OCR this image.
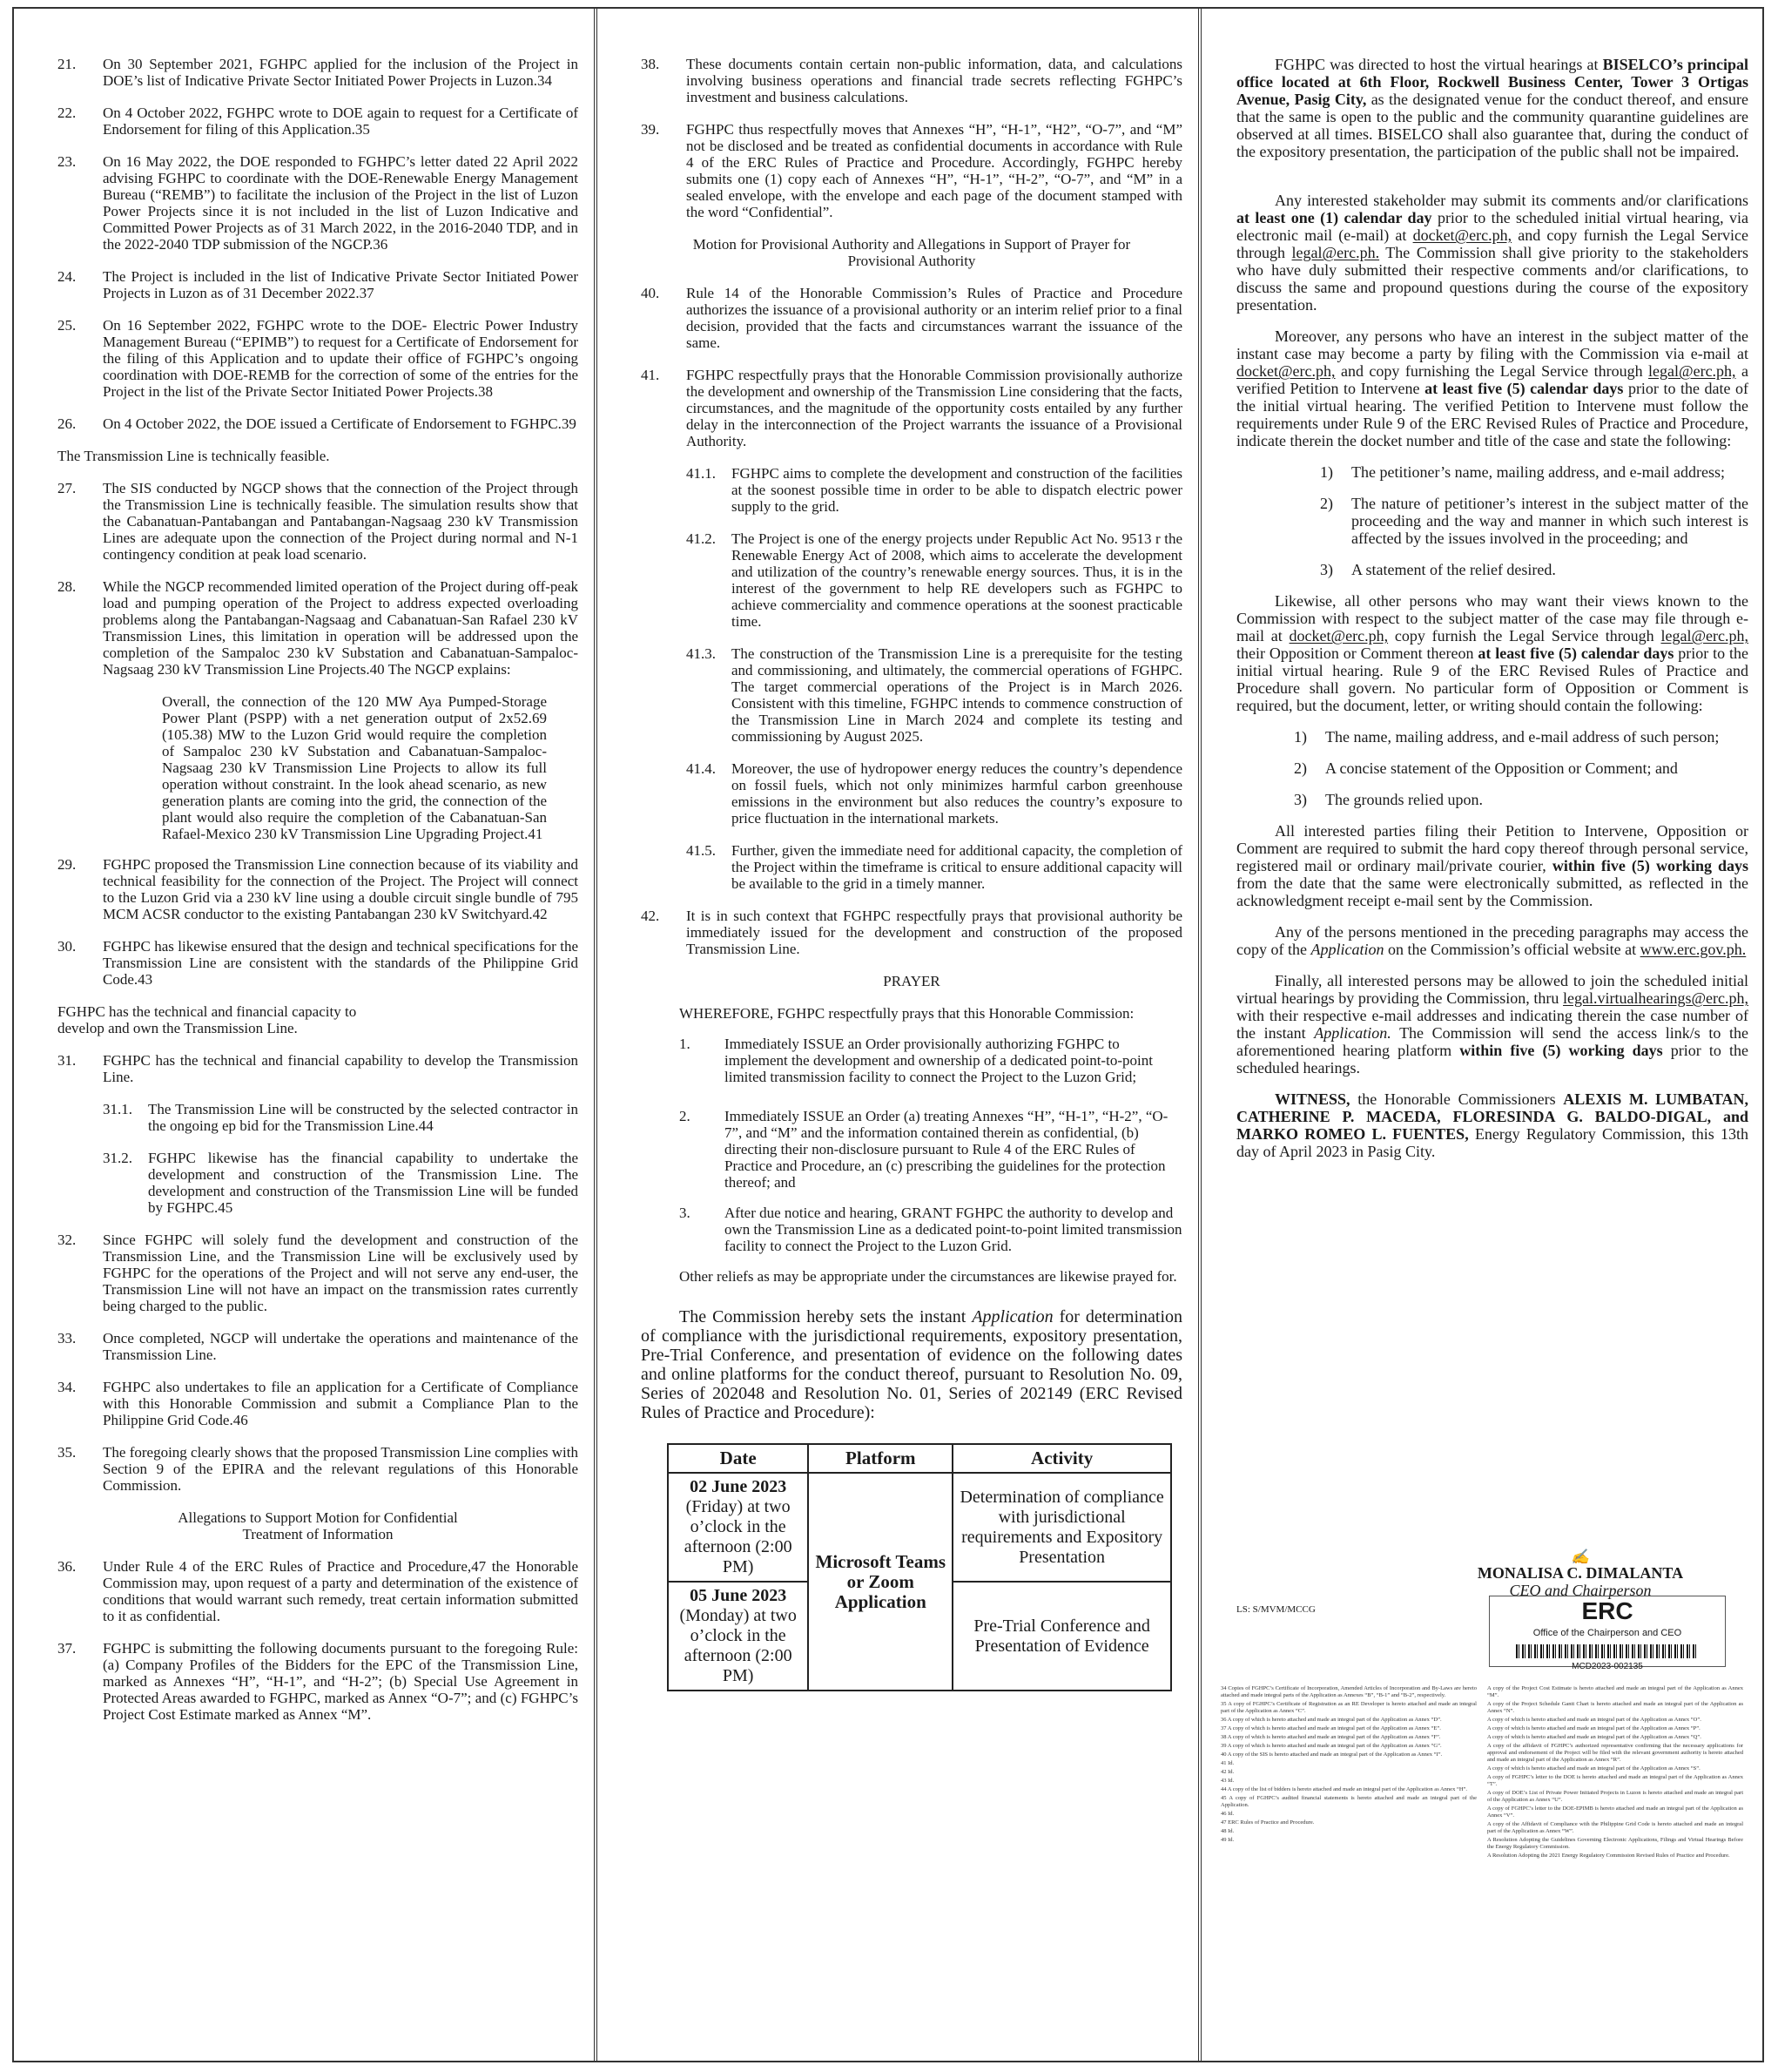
21.	On 30 September 2021, FGHPC applied for the inclusion of the Project in DOE’s list of Indicative Private Sector Initiated Power Projects in Luzon.34
22.	On 4 October 2022, FGHPC wrote to DOE again to request for a Certificate of Endorsement for filing of this Application.35
23.	On 16 May 2022, the DOE responded to FGHPC’s letter dated 22 April 2022 advising FGHPC to coordinate with the DOE-Renewable Energy Management Bureau (“REMB”) to facilitate the inclusion of the Project in the list of Luzon Power Projects since it is not included in the list of Luzon Indicative and Committed Power Projects as of 31 March 2022, in the 2016-2040 TDP, and in the 2022-2040 TDP submission of the NGCP.36
24.	The Project is included in the list of Indicative Private Sector Initiated Power Projects in Luzon as of 31 December 2022.37
25.	On 16 September 2022, FGHPC wrote to the DOE- Electric Power Industry Management Bureau (“EPIMB”) to request for a Certificate of Endorsement for the filing of this Application and to update their office of FGHPC’s ongoing coordination with DOE-REMB for the correction of some of the entries for the Project in the list of the Private Sector Initiated Power Projects.38
26.	On 4 October 2022, the DOE issued a Certificate of Endorsement to FGHPC.39
The Transmission Line is technically feasible.
27.	The SIS conducted by NGCP shows that the connection of the Project through the Transmission Line is technically feasible. The simulation results show that the Cabanatuan-Pantabangan and Pantabangan-Nagsaag 230 kV Transmission Lines are adequate upon the connection of the Project during normal and N-1 contingency condition at peak load scenario.
28.	While the NGCP recommended limited operation of the Project during off-peak load and pumping operation of the Project to address expected overloading problems along the Pantabangan-Nagsaag and Cabanatuan-San Rafael 230 kV Transmission Lines, this limitation in operation will be addressed upon the completion of the Sampaloc 230 kV Substation and Cabanatuan-Sampaloc-Nagsaag 230 kV Transmission Line Projects.40 The NGCP explains:
Overall, the connection of the 120 MW Aya Pumped-Storage Power Plant (PSPP) with a net generation output of 2x52.69 (105.38) MW to the Luzon Grid would require the completion of Sampaloc 230 kV Substation and Cabanatuan-Sampaloc-Nagsaag 230 kV Transmission Line Projects to allow its full operation without constraint. In the look ahead scenario, as new generation plants are coming into the grid, the connection of the plant would also require the completion of the Cabanatuan-San Rafael-Mexico 230 kV Transmission Line Upgrading Project.41
29.	FGHPC proposed the Transmission Line connection because of its viability and technical feasibility for the connection of the Project. The Project will connect to the Luzon Grid via a 230 kV line using a double circuit single bundle of 795 MCM ACSR conductor to the existing Pantabangan 230 kV Switchyard.42
30.	FGHPC has likewise ensured that the design and technical specifications for the Transmission Line are consistent with the standards of the Philippine Grid Code.43
FGHPC has the technical and financial capacity to develop and own the Transmission Line.
31.	FGHPC has the technical and financial capability to develop the Transmission Line.
31.1.	The Transmission Line will be constructed by the selected contractor in the ongoing ep bid for the Transmission Line.44
31.2.	FGHPC likewise has the financial capability to undertake the development and construction of the Transmission Line. The development and construction of the Transmission Line will be funded by FGHPC.45
32.	Since FGHPC will solely fund the development and construction of the Transmission Line, and the Transmission Line will be exclusively used by FGHPC for the operations of the Project and will not serve any end-user, the Transmission Line will not have an impact on the transmission rates currently being charged to the public.
33.	Once completed, NGCP will undertake the operations and maintenance of the Transmission Line.
34.	FGHPC also undertakes to file an application for a Certificate of Compliance with this Honorable Commission and submit a Compliance Plan to the Philippine Grid Code.46
35.	The foregoing clearly shows that the proposed Transmission Line complies with Section 9 of the EPIRA and the relevant regulations of this Honorable Commission.
Allegations to Support Motion for Confidential Treatment of Information
36.	Under Rule 4 of the ERC Rules of Practice and Procedure,47 the Honorable Commission may, upon request of a party and determination of the existence of conditions that would warrant such remedy, treat certain information submitted to it as confidential.
37.	FGHPC is submitting the following documents pursuant to the foregoing Rule: (a) Company Profiles of the Bidders for the EPC of the Transmission Line, marked as Annexes “H”, “H-1”, and “H-2”; (b) Special Use Agreement in Protected Areas awarded to FGHPC, marked as Annex “O-7”; and (c) FGHPC’s Project Cost Estimate marked as Annex “M”.
38.	These documents contain certain non-public information, data, and calculations involving business operations and financial trade secrets reflecting FGHPC’s investment and business calculations.
39.	FGHPC thus respectfully moves that Annexes “H”, “H-1”, “H2”, “O-7”, and “M” not be disclosed and be treated as confidential documents in accordance with Rule 4 of the ERC Rules of Practice and Procedure. Accordingly, FGHPC hereby submits one (1) copy each of Annexes “H”, “H-1”, “H-2”, “O-7”, and “M” in a sealed envelope, with the envelope and each page of the document stamped with the word “Confidential”.
Motion for Provisional Authority and Allegations in Support of Prayer for Provisional Authority
40.	Rule 14 of the Honorable Commission’s Rules of Practice and Procedure authorizes the issuance of a provisional authority or an interim relief prior to a final decision, provided that the facts and circumstances warrant the issuance of the same.
41.	FGHPC respectfully prays that the Honorable Commission provisionally authorize the development and ownership of the Transmission Line considering that the facts, circumstances, and the magnitude of the opportunity costs entailed by any further delay in the interconnection of the Project warrants the issuance of a Provisional Authority.
41.1.	FGHPC aims to complete the development and construction of the facilities at the soonest possible time in order to be able to dispatch electric power supply to the grid.
41.2.	The Project is one of the energy projects under Republic Act No. 9513 r the Renewable Energy Act of 2008, which aims to accelerate the development and utilization of the country’s renewable energy sources. Thus, it is in the interest of the government to help RE developers such as FGHPC to achieve commerciality and commence operations at the soonest practicable time.
41.3.	The construction of the Transmission Line is a prerequisite for the testing and commissioning, and ultimately, the commercial operations of FGHPC. The target commercial operations of the Project is in March 2026. Consistent with this timeline, FGHPC intends to commence construction of the Transmission Line in March 2024 and complete its testing and commissioning by August 2025.
41.4.	Moreover, the use of hydropower energy reduces the country’s dependence on fossil fuels, which not only minimizes harmful carbon greenhouse emissions in the environment but also reduces the country’s exposure to price fluctuation in the international markets.
41.5.	Further, given the immediate need for additional capacity, the completion of the Project within the timeframe is critical to ensure additional capacity will be available to the grid in a timely manner.
42.	It is in such context that FGHPC respectfully prays that provisional authority be immediately issued for the development and construction of the proposed Transmission Line.
PRAYER
WHEREFORE, FGHPC respectfully prays that this Honorable Commission:
1.	Immediately ISSUE an Order provisionally authorizing FGHPC to implement the development and ownership of a dedicated point-to-point limited transmission facility to connect the Project to the Luzon Grid;
2.	Immediately ISSUE an Order (a) treating Annexes “H”, “H-1”, “H-2”, “O-7”, and “M” and the information contained therein as confidential, (b) directing their non-disclosure pursuant to Rule 4 of the ERC Rules of Practice and Procedure, an (c) prescribing the guidelines for the protection thereof; and
3.	After due notice and hearing, GRANT FGHPC the authority to develop and own the Transmission Line as a dedicated point-to-point limited transmission facility to connect the Project to the Luzon Grid.
Other reliefs as may be appropriate under the circumstances are likewise prayed for.
The Commission hereby sets the instant Application for determination of compliance with the jurisdictional requirements, expository presentation, Pre-Trial Conference, and presentation of evidence on the following dates and online platforms for the conduct thereof, pursuant to Resolution No. 09, Series of 202048 and Resolution No. 01, Series of 202149 (ERC Revised Rules of Practice and Procedure):
Date	Platform	Activity
02 June 2023
(Friday) at two o’clock in the afternoon (2:00 PM)	Microsoft Teams or Zoom Application	Determination of compliance with jurisdictional requirements and Expository Presentation
05 June 2023
(Monday) at two o’clock in the afternoon (2:00 PM)		Pre-Trial Conference and Presentation of Evidence
FGHPC was directed to host the virtual hearings at BISELCO’s principal office located at 6th Floor, Rockwell Business Center, Tower 3 Ortigas Avenue, Pasig City, as the designated venue for the conduct thereof, and ensure that the same is open to the public and the community quarantine guidelines are observed at all times. BISELCO shall also guarantee that, during the conduct of the expository presentation, the participation of the public shall not be impaired.
Any interested stakeholder may submit its comments and/or clarifications at least one (1) calendar day prior to the scheduled initial virtual hearing, via electronic mail (e-mail) at docket@erc.ph, and copy furnish the Legal Service through legal@erc.ph. The Commission shall give priority to the stakeholders who have duly submitted their respective comments and/or clarifications, to discuss the same and propound questions during the course of the expository presentation.
Moreover, any persons who have an interest in the subject matter of the instant case may become a party by filing with the Commission via e-mail at docket@erc.ph, and copy furnishing the Legal Service through legal@erc.ph, a verified Petition to Intervene at least five (5) calendar days prior to the date of the initial virtual hearing. The verified Petition to Intervene must follow the requirements under Rule 9 of the ERC Revised Rules of Practice and Procedure, indicate therein the docket number and title of the case and state the following:
1)	The petitioner’s name, mailing address, and e-mail address;
2)	The nature of petitioner’s interest in the subject matter of the proceeding and the way and manner in which such interest is affected by the issues involved in the proceeding; and
3)	A statement of the relief desired.
Likewise, all other persons who may want their views known to the Commission with respect to the subject matter of the case may file through e-mail at docket@erc.ph, copy furnish the Legal Service through legal@erc.ph, their Opposition or Comment thereon at least five (5) calendar days prior to the initial virtual hearing. Rule 9 of the ERC Revised Rules of Practice and Procedure shall govern. No particular form of Opposition or Comment is required, but the document, letter, or writing should contain the following:
1)	The name, mailing address, and e-mail address of such person;
2)	A concise statement of the Opposition or Comment; and
3)	The grounds relied upon.
All interested parties filing their Petition to Intervene, Opposition or Comment are required to submit the hard copy thereof through personal service, registered mail or ordinary mail/private courier, within five (5) working days from the date that the same were electronically submitted, as reflected in the acknowledgment receipt e-mail sent by the Commission.
Any of the persons mentioned in the preceding paragraphs may access the copy of the Application on the Commission’s official website at www.erc.gov.ph.
Finally, all interested persons may be allowed to join the scheduled initial virtual hearings by providing the Commission, thru legal.virtualhearings@erc.ph, with their respective e-mail addresses and indicating therein the case number of the instant Application. The Commission will send the access link/s to the aforementioned hearing platform within five (5) working days prior to the scheduled hearings.
WITNESS, the Honorable Commissioners ALEXIS M. LUMBATAN, CATHERINE P. MACEDA, FLORESINDA G. BALDO-DIGAL, and MARKO ROMEO L. FUENTES, Energy Regulatory Commission, this 13th day of April 2023 in Pasig City.
✍
MONALISA C. DIMALANTA
CEO and Chairperson
LS: S/MVM/MCCG	ERC
Office of the Chairperson and CEO
MCD2023-002135

34 Copies of FGHPC’s Certificate of Incorporation, Amended Articles of Incorporation and By-Laws are hereto attached and made integral parts of the Application as Annexes “B”, “B-1” and “B-2”, respectively.

35 A copy of FGHPC’s Certificate of Registration as an RE Developer is hereto attached and made an integral part of the Application as Annex “C”.

36 A copy of which is hereto attached and made an integral part of the Application as Annex “D”.

37 A copy of which is hereto attached and made an integral part of the Application as Annex “E”.

38 A copy of which is hereto attached and made an integral part of the Application as Annex “F”.

39 A copy of which is hereto attached and made an integral part of the Application as Annex “G”.

40 A copy of the SIS is hereto attached and made an integral part of the Application as Annex “I”.

41 Id.

42 Id.

43 Id.

44 A copy of the list of bidders is hereto attached and made an integral part of the Application as Annex “H”.

45 A copy of FGHPC’s audited financial statements is hereto attached and made an integral part of the Application.

46 Id.

47 ERC Rules of Practice and Procedure.

48 Id.

49 Id.

A copy of the Project Cost Estimate is hereto attached and made an integral part of the Application as Annex “M”.

A copy of the Project Schedule Gantt Chart is hereto attached and made an integral part of the Application as Annex “N”.

A copy of which is hereto attached and made an integral part of the Application as Annex “O”.

A copy of which is hereto attached and made an integral part of the Application as Annex “P”.

A copy of which is hereto attached and made an integral part of the Application as Annex “Q”.

A copy of the affidavit of FGHPC’s authorized representative confirming that the necessary applications for approval and endorsement of the Project will be filed with the relevant government authority is hereto attached and made an integral part of the Application as Annex “R”.

A copy of which is hereto attached and made an integral part of the Application as Annex “S”.

A copy of FGHPC’s letter to the DOE is hereto attached and made an integral part of the Application as Annex “T”.

A copy of DOE’s List of Private Power Initiated Projects in Luzon is hereto attached and made an integral part of the Application as Annex “U”.

A copy of FGHPC’s letter to the DOE-EPIMB is hereto attached and made an integral part of the Application as Annex “V”.

A copy of the Affidavit of Compliance with the Philippine Grid Code is hereto attached and made an integral part of the Application as Annex “W”.

A Resolution Adopting the Guidelines Governing Electronic Applications, Filings and Virtual Hearings Before the Energy Regulatory Commission.

A Resolution Adopting the 2021 Energy Regulatory Commission Revised Rules of Practice and Procedure.
